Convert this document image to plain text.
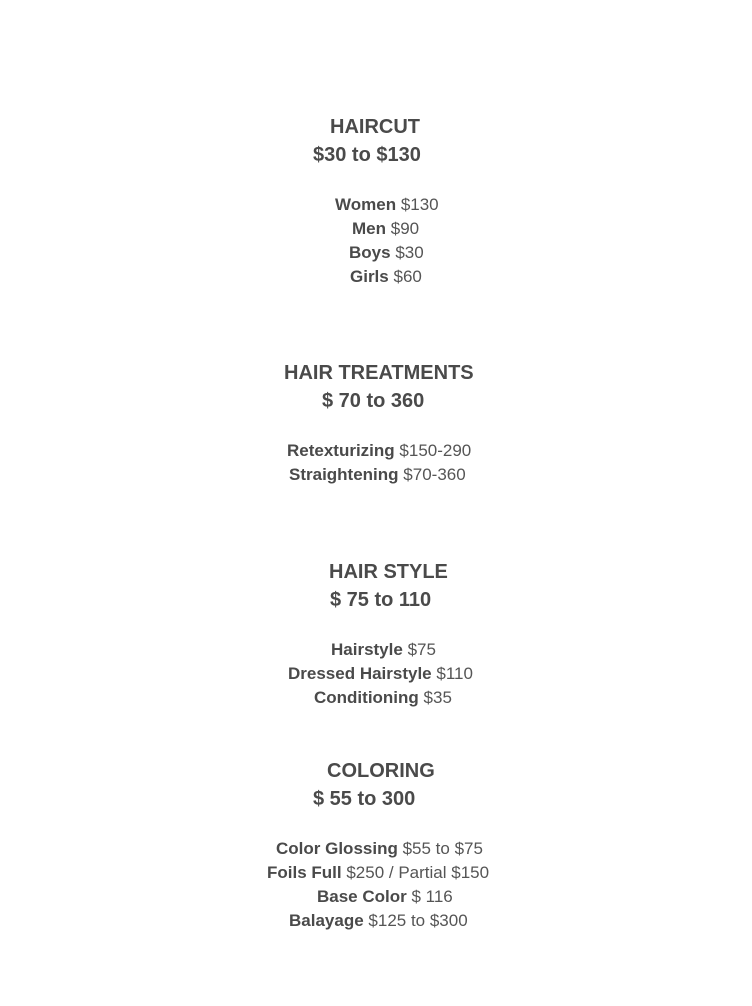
HAIRCUT
$30 to $130
Women $130
Men $90
Boys $30
Girls $60
HAIR TREATMENTS
$ 70 to 360
Retexturizing $150-290
Straightening $70-360
HAIR STYLE
$ 75 to 110
Hairstyle $75
Dressed Hairstyle $110
Conditioning $35
COLORING
$ 55 to 300
Color Glossing $55 to $75
Foils Full $250 / Partial $150
Base Color $ 116
Balayage $125 to $300
